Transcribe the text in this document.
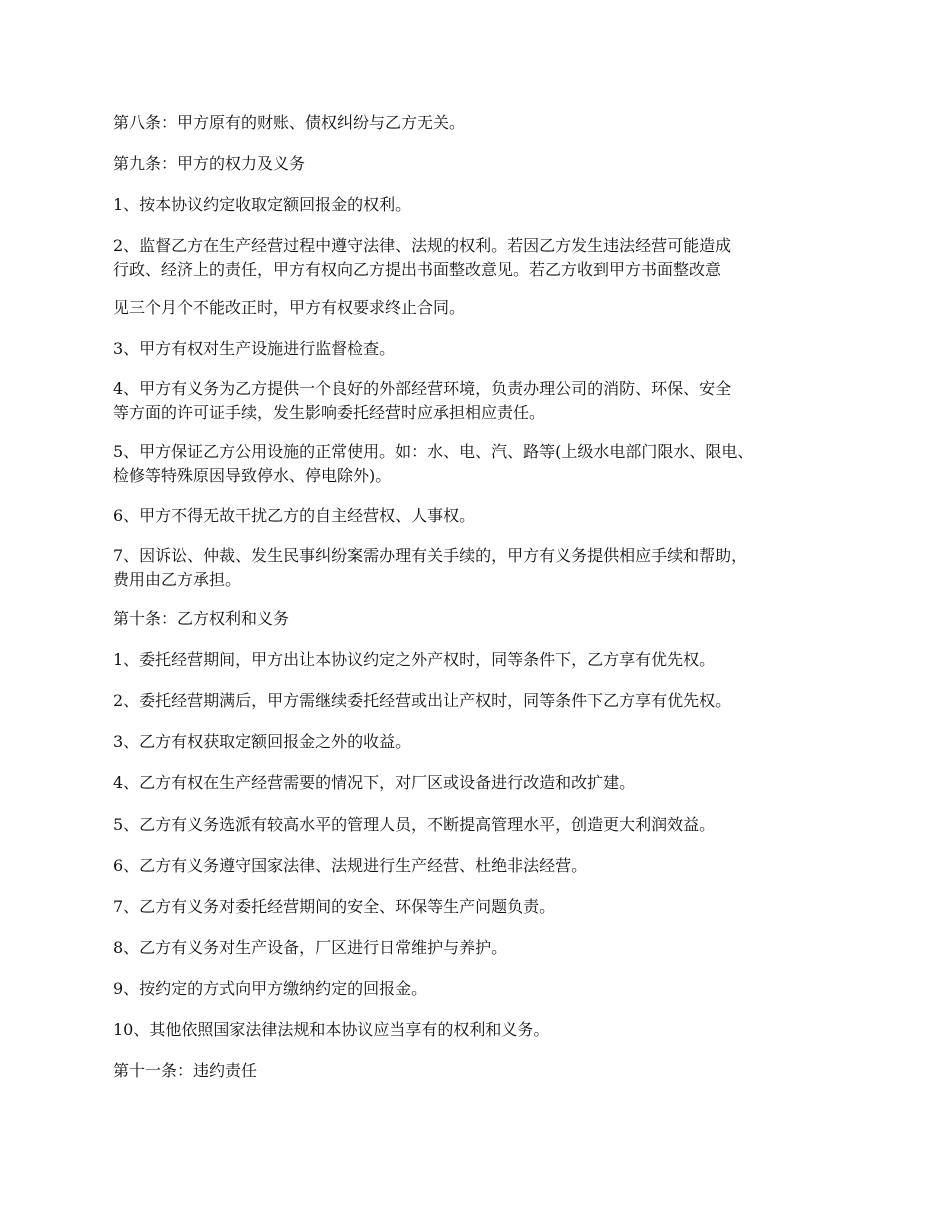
第八条：甲方原有的财账、债权纠纷与乙方无关。

第九条：甲方的权力及义务

1、按本协议约定收取定额回报金的权利。

2、监督乙方在生产经营过程中遵守法律、法规的权利。若因乙方发生违法经营可能造成
行政、经济上的责任，甲方有权向乙方提出书面整改意见。若乙方收到甲方书面整改意

见三个月个不能改正时，甲方有权要求终止合同。

3、甲方有权对生产设施进行监督检查。

4、甲方有义务为乙方提供一个良好的外部经营环境，负责办理公司的消防、环保、安全
等方面的许可证手续，发生影响委托经营时应承担相应责任。

5、甲方保证乙方公用设施的正常使用。如：水、电、汽、路等(上级水电部门限水、限电、
检修等特殊原因导致停水、停电除外)。

6、甲方不得无故干扰乙方的自主经营权、人事权。

7、因诉讼、仲裁、发生民事纠纷案需办理有关手续的，甲方有义务提供相应手续和帮助，
费用由乙方承担。

第十条：乙方权利和义务

1、委托经营期间，甲方出让本协议约定之外产权时，同等条件下，乙方享有优先权。

2、委托经营期满后，甲方需继续委托经营或出让产权时，同等条件下乙方享有优先权。

3、乙方有权获取定额回报金之外的收益。

4、乙方有权在生产经营需要的情况下，对厂区或设备进行改造和改扩建。

5、乙方有义务选派有较高水平的管理人员，不断提高管理水平，创造更大利润效益。

6、乙方有义务遵守国家法律、法规进行生产经营、杜绝非法经营。

7、乙方有义务对委托经营期间的安全、环保等生产问题负责。

8、乙方有义务对生产设备，厂区进行日常维护与养护。

9、按约定的方式向甲方缴纳约定的回报金。

10、其他依照国家法律法规和本协议应当享有的权利和义务。

第十一条：违约责任
